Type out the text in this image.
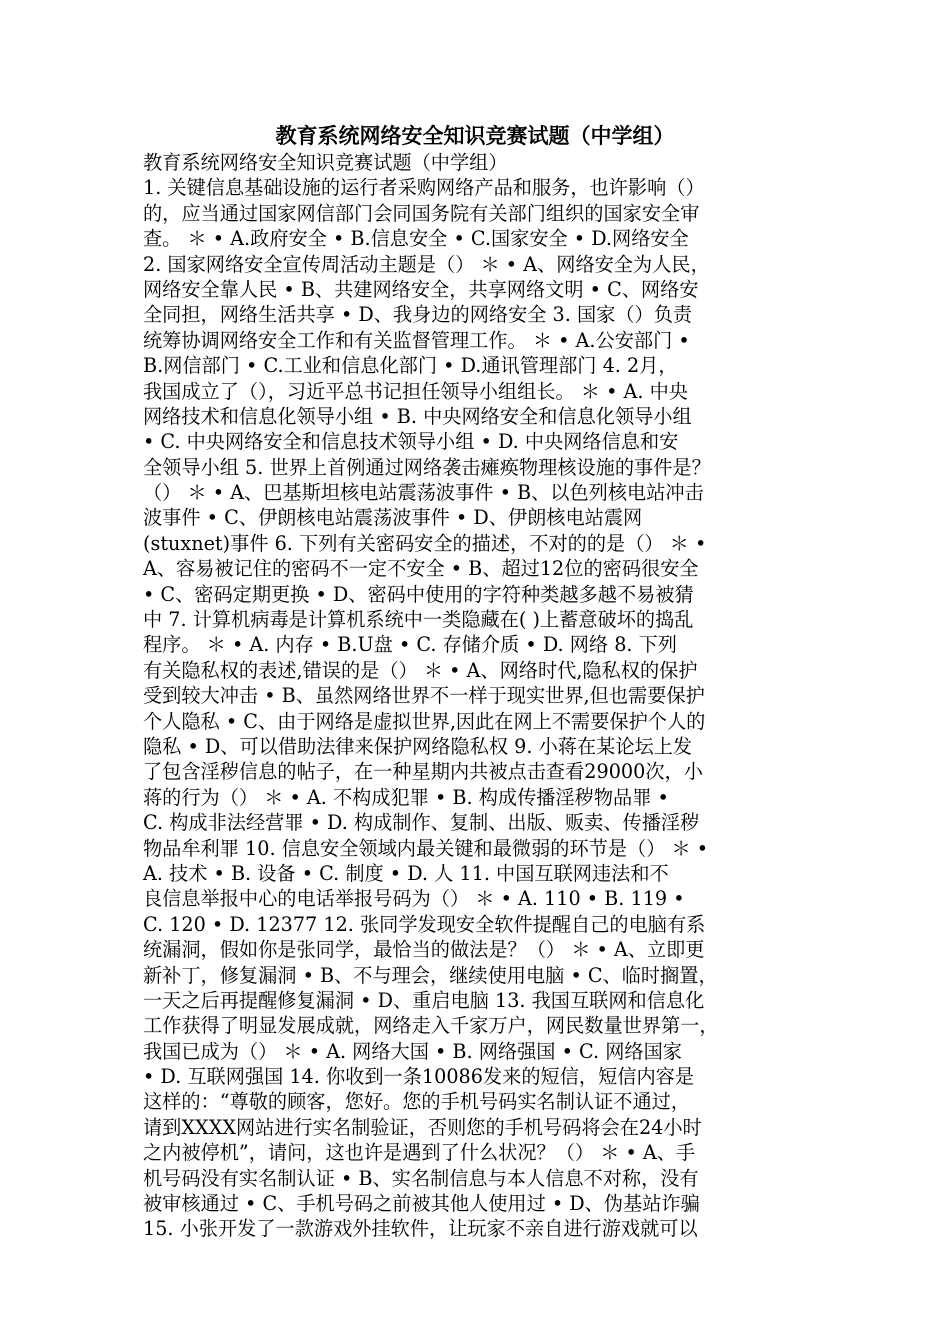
教育系统网络安全知识竞赛试题（中学组）
教育系统网络安全知识竞赛试题（中学组）
1. 关键信息基础设施的运行者采购网络产品和服务，也许影响（）
的，应当通过国家网信部门会同国务院有关部门组织的国家安全审
查。 ＊ • A.政府安全 • B.信息安全 • C.国家安全 • D.网络安全
2. 国家网络安全宣传周活动主题是（） ＊ • A、网络安全为人民，
网络安全靠人民 • B、共建网络安全，共享网络文明 • C、网络安
全同担，网络生活共享 • D、我身边的网络安全 3. 国家（）负责
统筹协调网络安全工作和有关监督管理工作。 ＊ • A.公安部门 •
B.网信部门 • C.工业和信息化部门 • D.通讯管理部门 4. 2月，
我国成立了（），习近平总书记担任领导小组组长。 ＊ • A. 中央
网络技术和信息化领导小组 • B. 中央网络安全和信息化领导小组
• C. 中央网络安全和信息技术领导小组 • D. 中央网络信息和安
全领导小组 5. 世界上首例通过网络袭击瘫痪物理核设施的事件是？
（） ＊ • A、巴基斯坦核电站震荡波事件 • B、以色列核电站冲击
波事件 • C、伊朗核电站震荡波事件 • D、伊朗核电站震网
(stuxnet)事件 6. 下列有关密码安全的描述，不对的的是（） ＊ •
A、容易被记住的密码不一定不安全 • B、超过12位的密码很安全
• C、密码定期更换 • D、密码中使用的字符种类越多越不易被猜
中 7. 计算机病毒是计算机系统中一类隐藏在( )上蓄意破坏的捣乱
程序。 ＊ • A. 内存 • B.U盘 • C. 存储介质 • D. 网络 8. 下列
有关隐私权的表述,错误的是（） ＊ • A、网络时代,隐私权的保护
受到较大冲击 • B、虽然网络世界不一样于现实世界,但也需要保护
个人隐私 • C、由于网络是虚拟世界,因此在网上不需要保护个人的
隐私 • D、可以借助法律来保护网络隐私权 9. 小蒋在某论坛上发
了包含淫秽信息的帖子，在一种星期内共被点击查看29000次，小
蒋的行为（） ＊ • A. 不构成犯罪 • B. 构成传播淫秽物品罪 •
C. 构成非法经营罪 • D. 构成制作、复制、出版、贩卖、传播淫秽
物品牟利罪 10. 信息安全领域内最关键和最微弱的环节是（） ＊ •
A. 技术 • B. 设备 • C. 制度 • D. 人 11. 中国互联网违法和不
良信息举报中心的电话举报号码为（） ＊ • A. 110 • B. 119 •
C. 120 • D. 12377 12. 张同学发现安全软件提醒自己的电脑有系
统漏洞，假如你是张同学，最恰当的做法是？（） ＊ • A、立即更
新补丁，修复漏洞 • B、不与理会，继续使用电脑 • C、临时搁置，
一天之后再提醒修复漏洞 • D、重启电脑 13. 我国互联网和信息化
工作获得了明显发展成就，网络走入千家万户，网民数量世界第一，
我国已成为（） ＊ • A. 网络大国 • B. 网络强国 • C. 网络国家
• D. 互联网强国 14. 你收到一条10086发来的短信，短信内容是
这样的：“尊敬的顾客，您好。您的手机号码实名制认证不通过，
请到XXXX网站进行实名制验证，否则您的手机号码将会在24小时
之内被停机”，请问，这也许是遇到了什么状况？（） ＊ • A、手
机号码没有实名制认证 • B、实名制信息与本人信息不对称，没有
被审核通过 • C、手机号码之前被其他人使用过 • D、伪基站诈骗
15. 小张开发了一款游戏外挂软件，让玩家不亲自进行游戏就可以
